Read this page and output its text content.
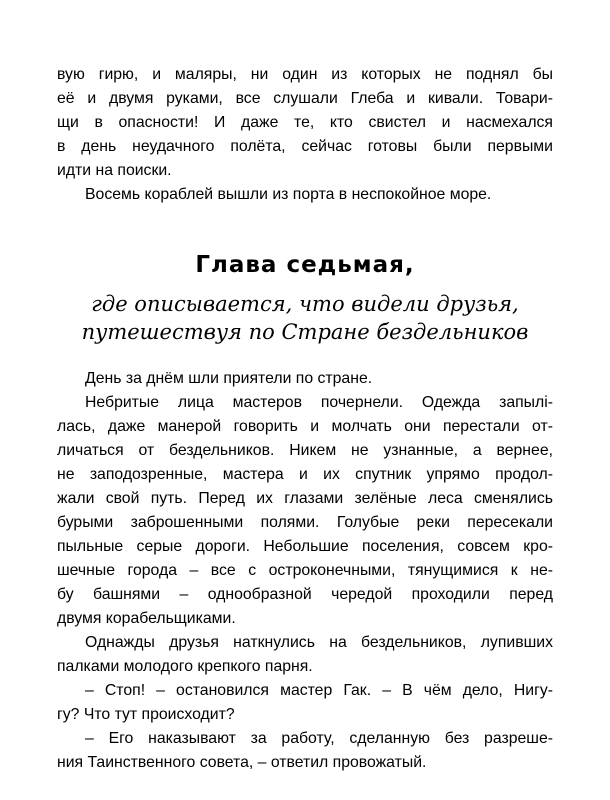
вую гирю, и маляры, ни один из которых не поднял бы
её и двумя руками, все слушали Глеба и кивали. Товари-
щи в опасности! И даже те, кто свистел и насмехался
в день неудачного полёта, сейчас готовы были первыми
идти на поиски.
Восемь кораблей вышли из порта в неспокойное море.
Глава седьмая,
где описывается, что видели друзья,
путешествуя по Стране бездельников
День за днём шли приятели по стране.
Небритые лица мастеров почернели. Одежда запылі-
лась, даже манерой говорить и молчать они перестали от-
личаться от бездельников. Никем не узнанные, а вернее,
не заподозренные, мастера и их спутник упрямо продол-
жали свой путь. Перед их глазами зелёные леса сменялись
бурыми заброшенными полями. Голубые реки пересекали
пыльные серые дороги. Небольшие поселения, совсем кро-
шечные города – все с остроконечными, тянущимися к не-
бу башнями – однообразной чередой проходили перед
двумя корабельщиками.
Однажды друзья наткнулись на бездельников, лупивших
палками молодого крепкого парня.
– Стоп! – остановился мастер Гак. – В чём дело, Нигу-
гу? Что тут происходит?
– Его наказывают за работу, сделанную без разреше-
ния Таинственного совета, – ответил провожатый.
